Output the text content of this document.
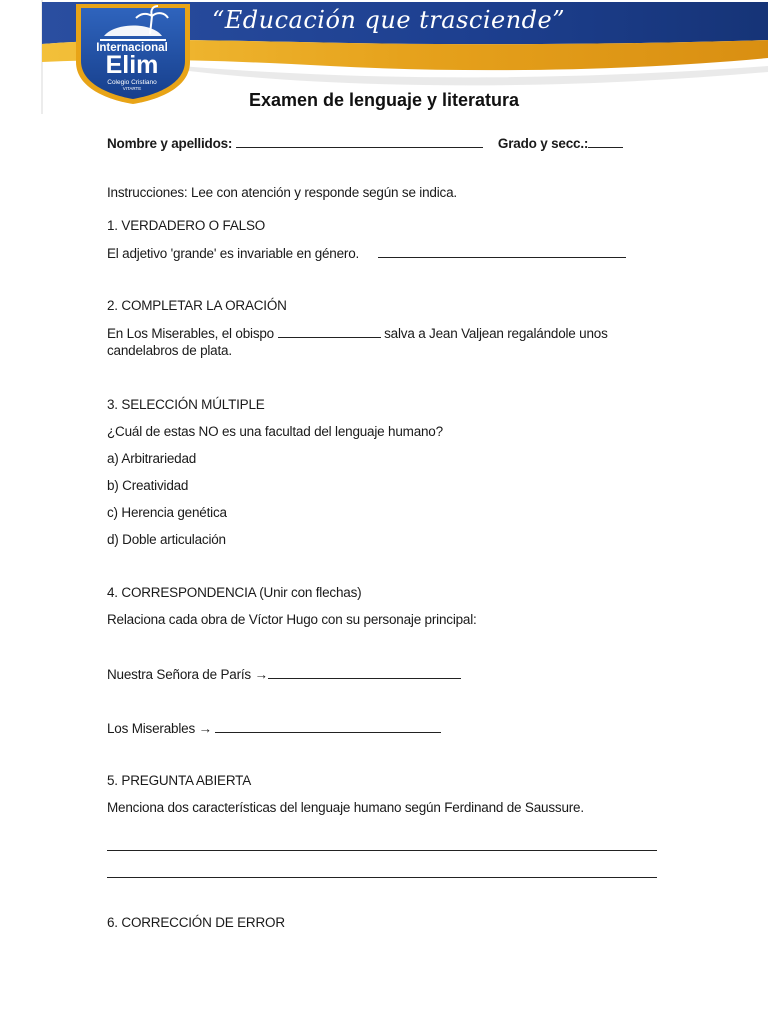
Internacional
Elim
Colegio Cristiano
VITARTE
“Educación que trasciende”
Examen de lenguaje y literatura
Nombre y apellidos:	Grado y secc.:
Instrucciones: Lee con atención y responde según se indica.
1. VERDADERO O FALSO
El adjetivo 'grande' es invariable en género.
2. COMPLETAR LA ORACIÓN
En Los Miserables, el obispo	salva a Jean Valjean regalándole unos candelabros de plata.
3. SELECCIÓN MÚLTIPLE
¿Cuál de estas NO es una facultad del lenguaje humano?
a) Arbitrariedad
b) Creatividad
c) Herencia genética
d) Doble articulación
4. CORRESPONDENCIA (Unir con flechas)
Relaciona cada obra de Víctor Hugo con su personaje principal:
Nuestra Señora de París →
Los Miserables →
5. PREGUNTA ABIERTA
Menciona dos características del lenguaje humano según Ferdinand de Saussure.
6. CORRECCIÓN DE ERROR
